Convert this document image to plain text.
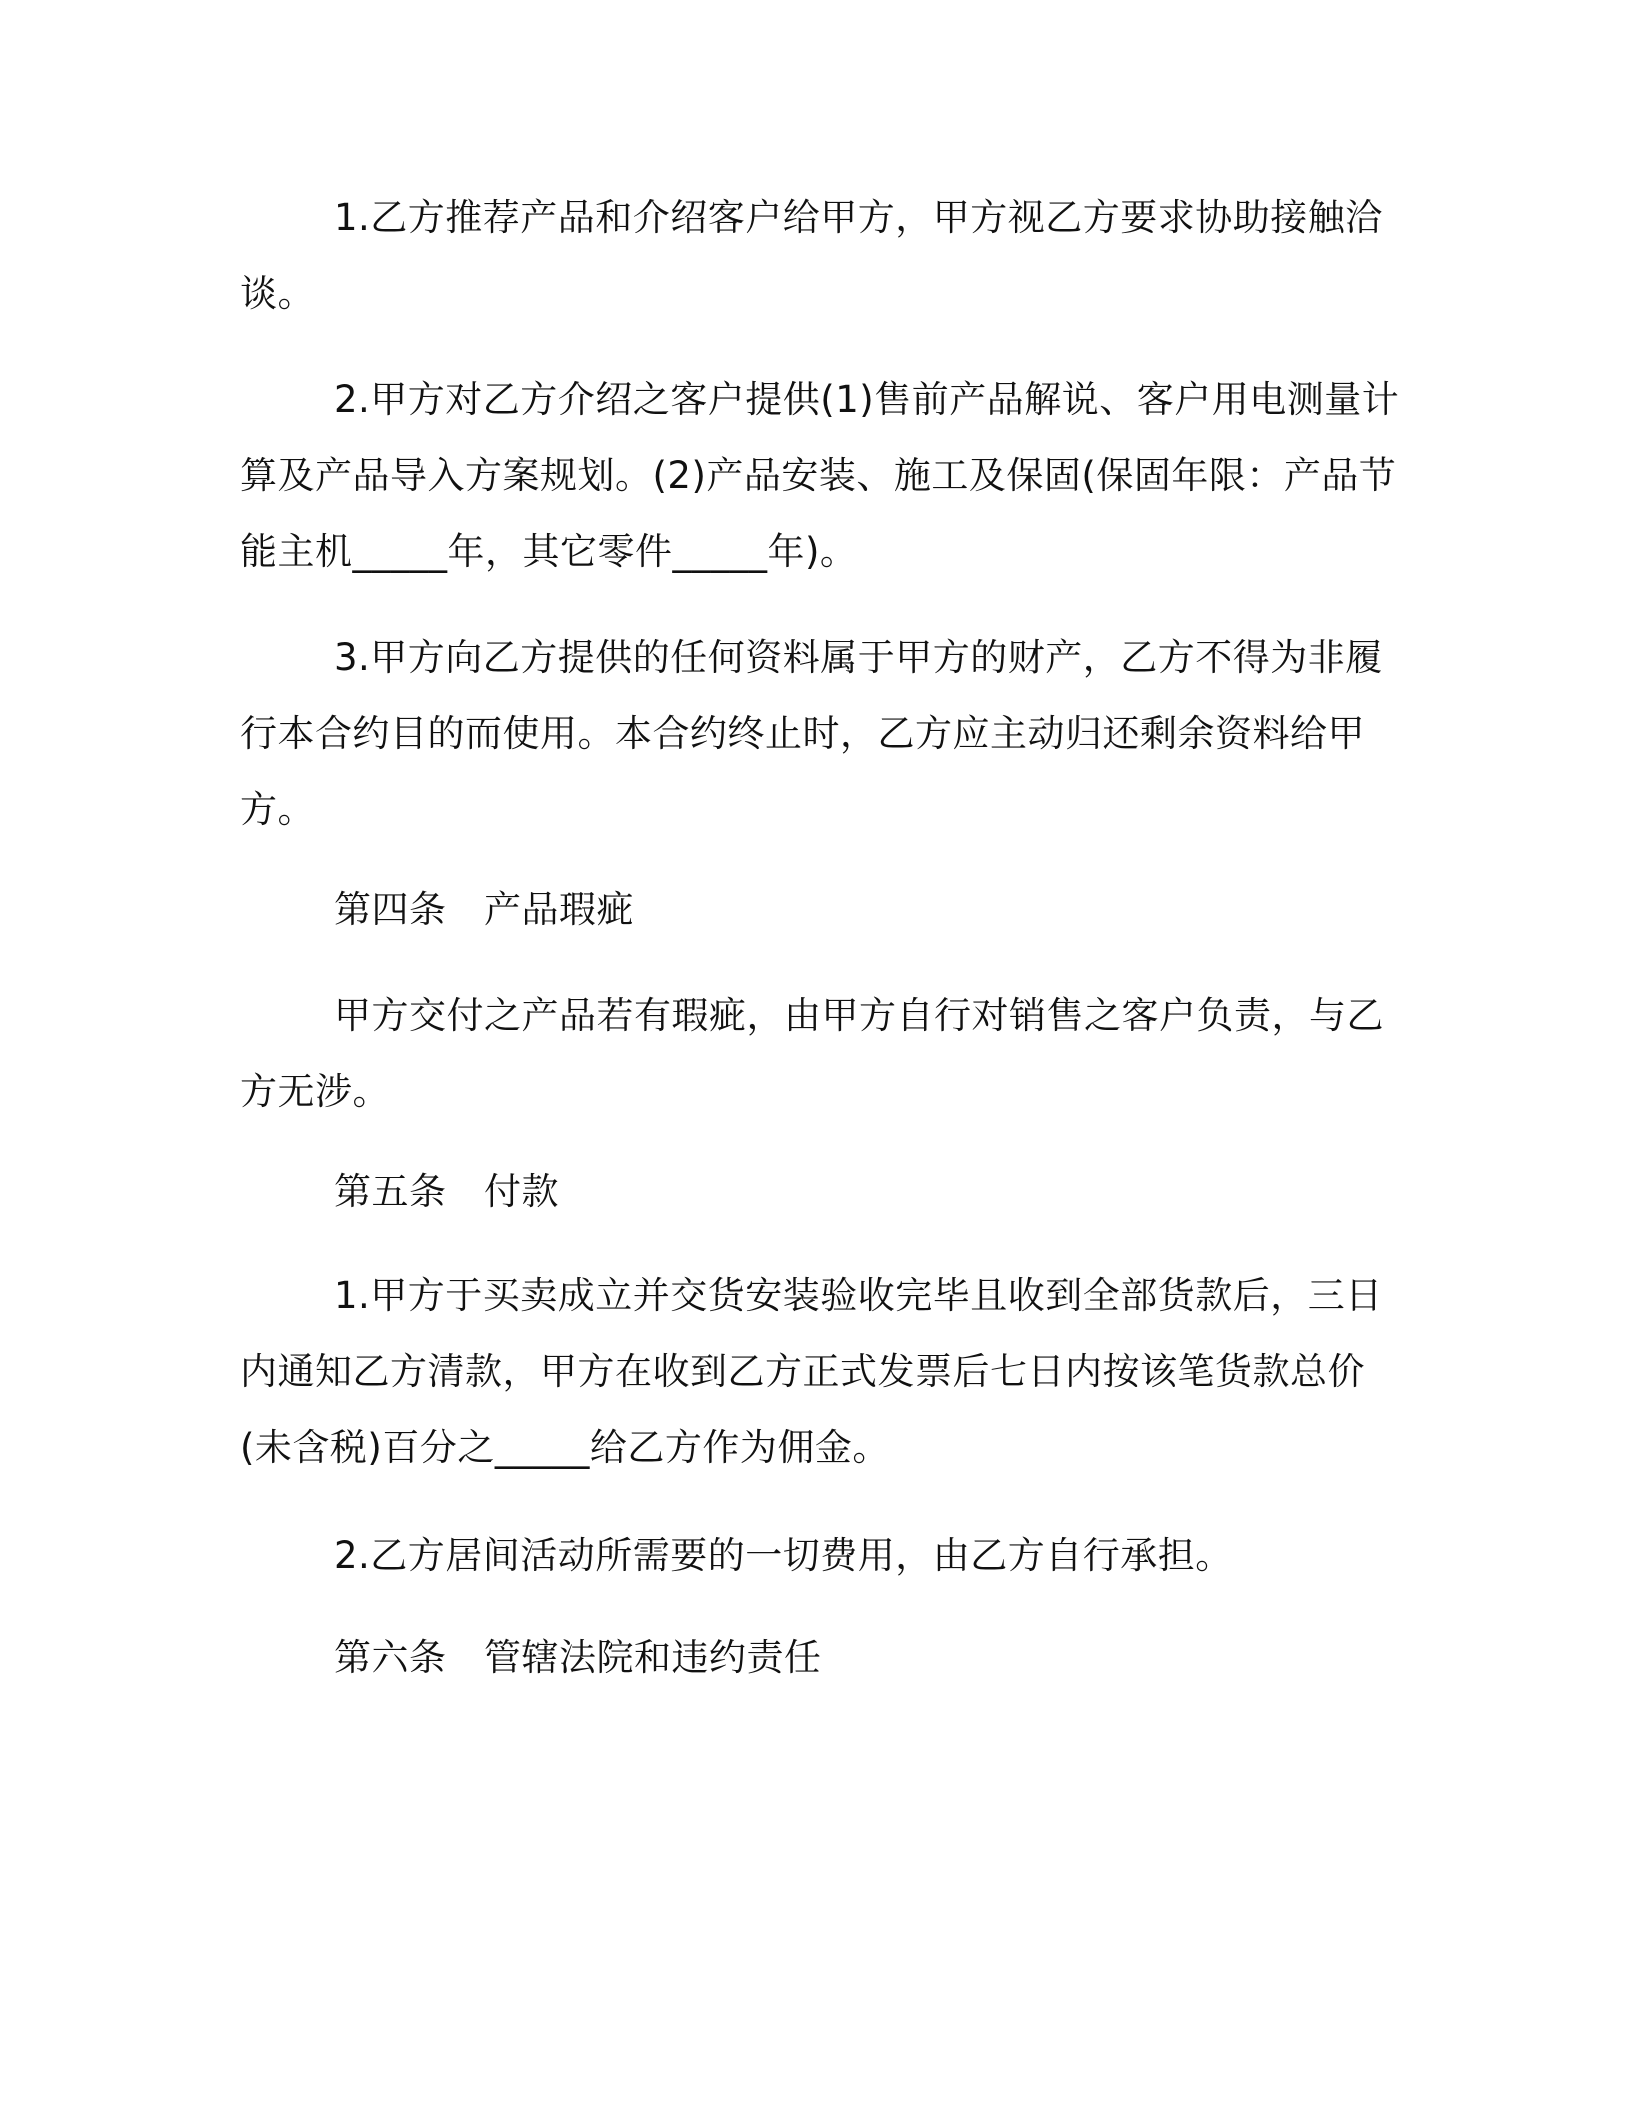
1.乙方推荐产品和介绍客户给甲方，甲方视乙方要求协助接触洽
谈。

2.甲方对乙方介绍之客户提供(1)售前产品解说、客户用电测量计
算及产品导入方案规划。(2)产品安装、施工及保固(保固年限：产品节
能主机_____年，其它零件_____年)。

3.甲方向乙方提供的任何资料属于甲方的财产，乙方不得为非履
行本合约目的而使用。本合约终止时，乙方应主动归还剩余资料给甲
方。

第四条　产品瑕疵

甲方交付之产品若有瑕疵，由甲方自行对销售之客户负责，与乙
方无涉。

第五条　付款

1.甲方于买卖成立并交货安装验收完毕且收到全部货款后，三日
内通知乙方清款，甲方在收到乙方正式发票后七日内按该笔货款总价
(未含税)百分之_____给乙方作为佣金。

2.乙方居间活动所需要的一切费用，由乙方自行承担。

第六条　管辖法院和违约责任
